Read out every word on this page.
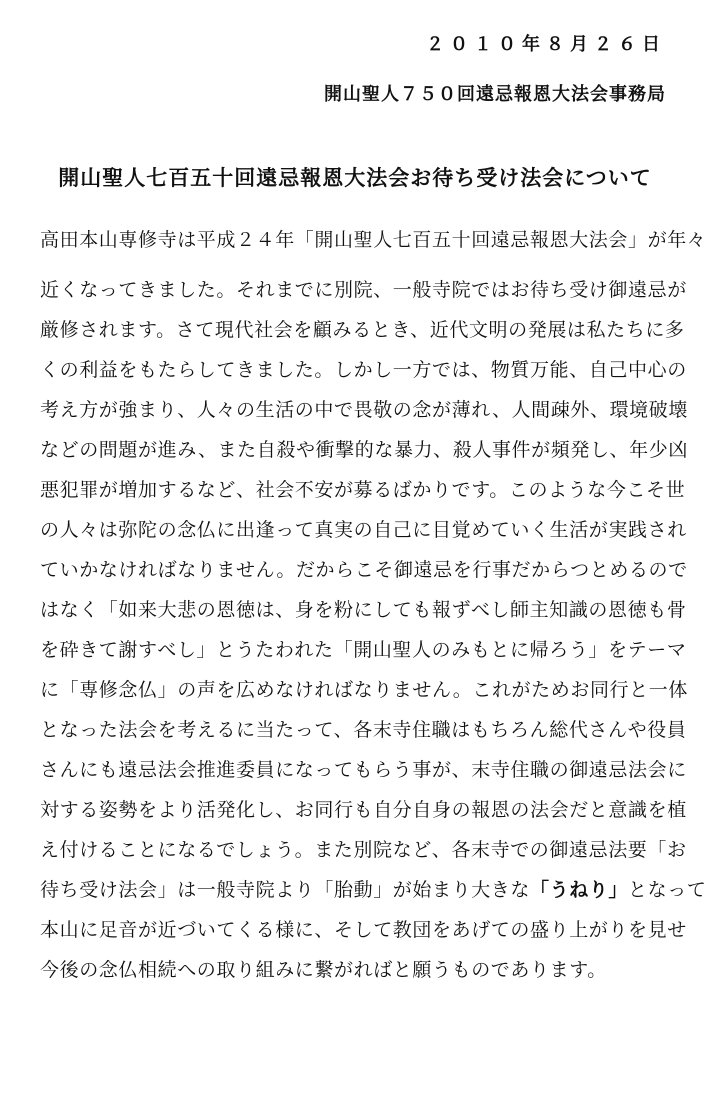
２０１０年８月２６日
開山聖人７５０回遠忌報恩大法会事務局
開山聖人七百五十回遠忌報恩大法会お待ち受け法会について
高田本山専修寺は平成２４年「開山聖人七百五十回遠忌報恩大法会」が年々
近くなってきました。それまでに別院、一般寺院ではお待ち受け御遠忌が
厳修されます。さて現代社会を顧みるとき、近代文明の発展は私たちに多
くの利益をもたらしてきました。しかし一方では、物質万能、自己中心の
考え方が強まり、人々の生活の中で畏敬の念が薄れ、人間疎外、環境破壊
などの問題が進み、また自殺や衝撃的な暴力、殺人事件が頻発し、年少凶
悪犯罪が増加するなど、社会不安が募るばかりです。このような今こそ世
の人々は弥陀の念仏に出逢って真実の自己に目覚めていく生活が実践され
ていかなければなりません。だからこそ御遠忌を行事だからつとめるので
はなく「如来大悲の恩徳は、身を粉にしても報ずべし師主知識の恩徳も骨
を砕きて謝すべし」とうたわれた「開山聖人のみもとに帰ろう」をテーマ
に「専修念仏」の声を広めなければなりません。これがためお同行と一体
となった法会を考えるに当たって、各末寺住職はもちろん総代さんや役員
さんにも遠忌法会推進委員になってもらう事が、末寺住職の御遠忌法会に
対する姿勢をより活発化し、お同行も自分自身の報恩の法会だと意識を植
え付けることになるでしょう。また別院など、各末寺での御遠忌法要「お
待ち受け法会」は一般寺院より「胎動」が始まり大きな「うねり」となって
本山に足音が近づいてくる様に、そして教団をあげての盛り上がりを見せ
今後の念仏相続への取り組みに繋がればと願うものであります。
